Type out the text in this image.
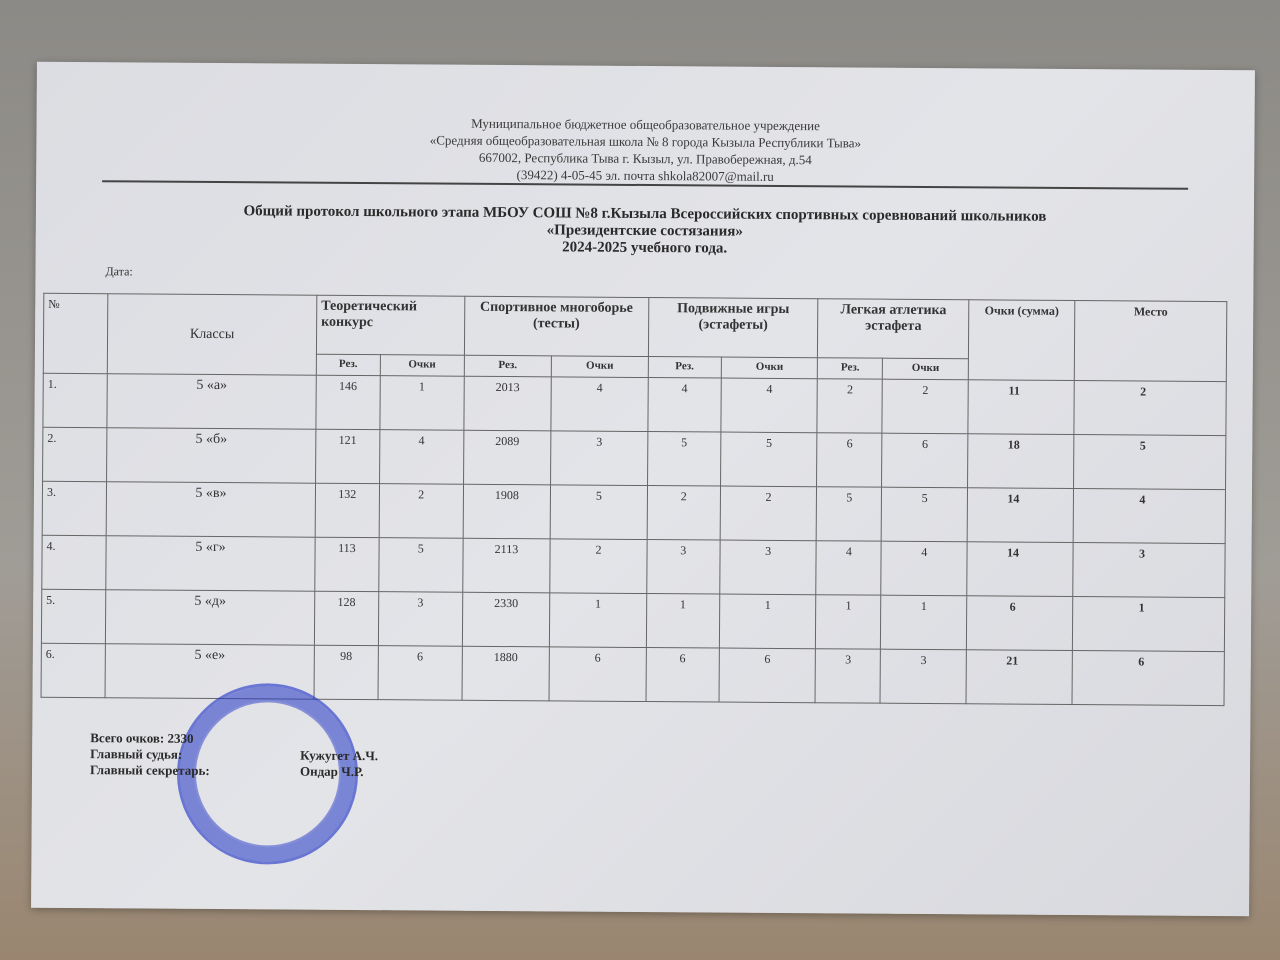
Муниципальное бюджетное общеобразовательное учреждение
«Средняя общеобразовательная школа № 8 города Кызыла Республики Тыва»
667002, Республика Тыва г. Кызыл, ул. Правобережная, д.54
(39422) 4-05-45 эл. почта shkola82007@mail.ru
Общий протокол школьного этапа МБОУ СОШ №8 г.Кызыла Всероссийских спортивных соревнований школьников
«Президентские состязания»
2024-2025 учебного года.
Дата:
№	Классы	Теоретический конкурс		Спортивное многоборье (тесты)		Подвижные игры (эстафеты)		Легкая атлетика эстафета		Очки (сумма)	Место
		Рез.	Очки	Рез.	Очки	Рез.	Очки	Рез.	Очки		
1.	5 «а»	146	1	2013	4	4	4	2	2	11	2
2.	5 «б»	121	4	2089	3	5	5	6	6	18	5
3.	5 «в»	132	2	1908	5	2	2	5	5	14	4
4.	5 «г»	113	5	2113	2	3	3	4	4	14	3
5.	5 «д»	128	3	2330	1	1	1	1	1	6	1
6.	5 «е»	98	6	1880	6	6	6	3	3	21	6
Всего очков: 2330
Главный судья:	Кужугет А.Ч.
Главный секретарь:	Ондар Ч.Р.
